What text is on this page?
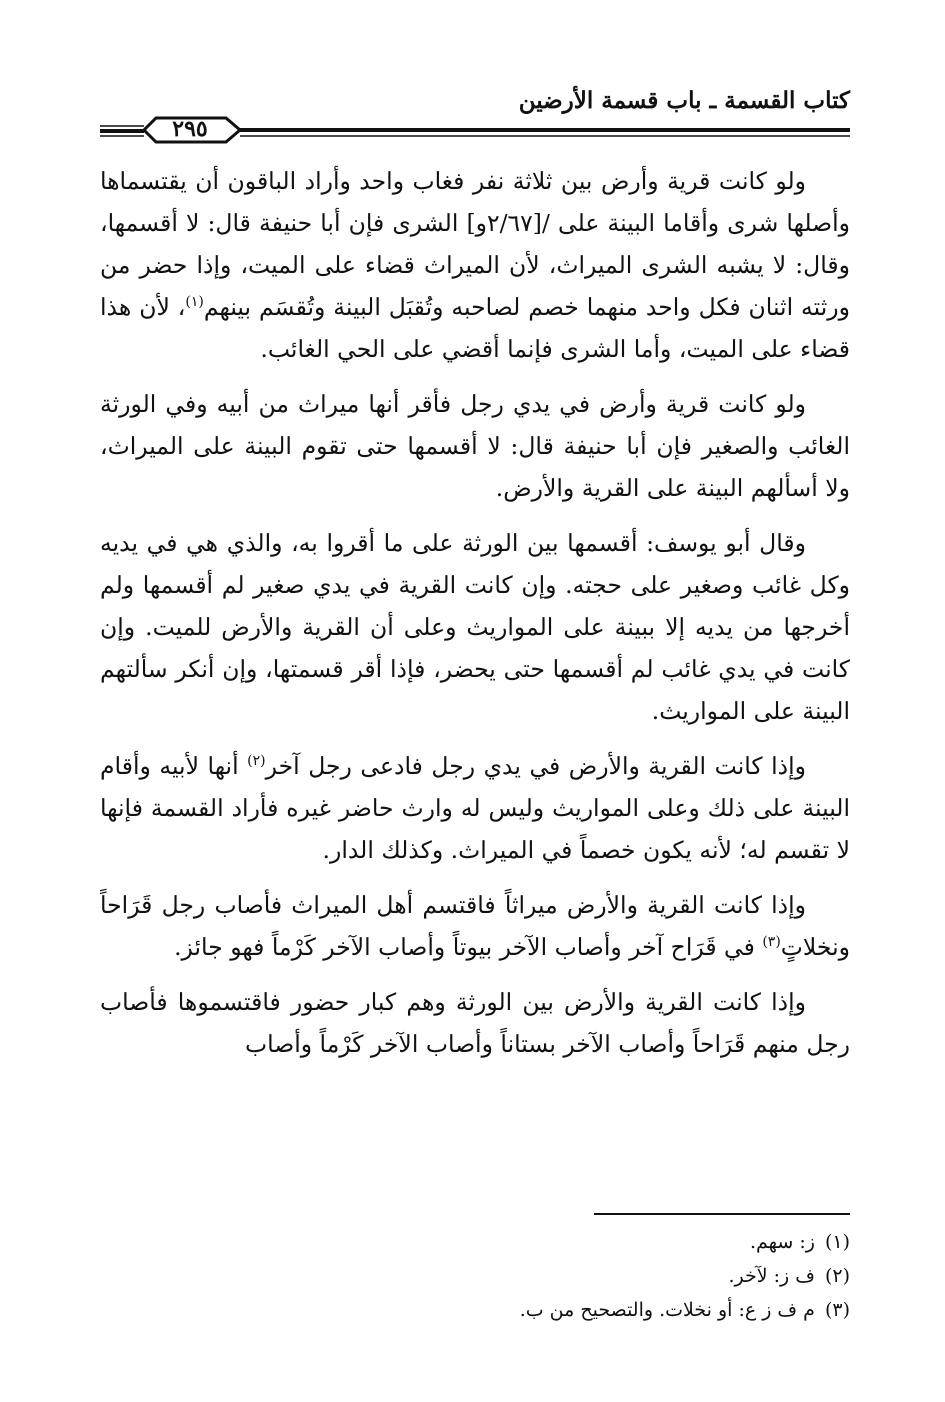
كتاب القسمة ـ باب قسمة الأرضين
٢٩٥

ولو كانت قرية وأرض بين ثلاثة نفر فغاب واحد وأراد الباقون أن يقتسماها وأصلها شرى وأقاما البينة على /[٢/٦٧و] الشرى فإن أبا حنيفة قال: لا أقسمها، وقال: لا يشبه الشرى الميراث، لأن الميراث قضاء على الميت، وإذا حضر من ورثته اثنان فكل واحد منهما خصم لصاحبه وتُقبَل البينة وتُقسَم بينهم$^{(١)}$، لأن هذا قضاء على الميت، وأما الشرى فإنما أقضي على الحي الغائب.

ولو كانت قرية وأرض في يدي رجل فأقر أنها ميراث من أبيه وفي الورثة الغائب والصغير فإن أبا حنيفة قال: لا أقسمها حتى تقوم البينة على الميراث، ولا أسألهم البينة على القرية والأرض.

وقال أبو يوسف: أقسمها بين الورثة على ما أقروا به، والذي هي في يديه وكل غائب وصغير على حجته. وإن كانت القرية في يدي صغير لم أقسمها ولم أخرجها من يديه إلا ببينة على المواريث وعلى أن القرية والأرض للميت. وإن كانت في يدي غائب لم أقسمها حتى يحضر، فإذا أقر قسمتها، وإن أنكر سألتهم البينة على المواريث.

وإذا كانت القرية والأرض في يدي رجل فادعى رجل آخر$^{(٢)}$ أنها لأبيه وأقام البينة على ذلك وعلى المواريث وليس له وارث حاضر غيره فأراد القسمة فإنها لا تقسم له؛ لأنه يكون خصماً في الميراث. وكذلك الدار.

وإذا كانت القرية والأرض ميراثاً فاقتسم أهل الميراث فأصاب رجل قَرَاحاً ونخلاتٍ$^{(٣)}$ في قَرَاح آخر وأصاب الآخر بيوتاً وأصاب الآخر كَرْماً فهو جائز.

وإذا كانت القرية والأرض بين الورثة وهم كبار حضور فاقتسموها فأصاب رجل منهم قَرَاحاً وأصاب الآخر بستاناً وأصاب الآخر كَرْماً وأصاب

(١)ز: سهم.
(٢)ف ز: لآخر.
(٣)م ف ز ع: أو نخلات. والتصحيح من ب.
